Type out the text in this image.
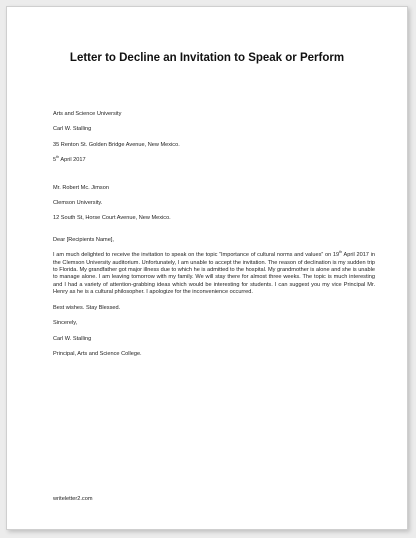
Letter to Decline an Invitation to Speak or Perform

Arts and Science University

Carl W. Stalling

35 Renton St. Golden Bridge Avenue, New Mexico.

5th April 2017

Mr. Robert Mc. Jimson

Clemson University.

12 South St, Horse Court Avenue, New Mexico.

Dear [Recipients Name],

I am much delighted to receive the invitation to speak on the topic “Importance of cultural norms and values” on 19th April 2017 in the Clemson University auditorium. Unfortunately, I am unable to accept the invitation. The reason of declination is my sudden trip to Florida. My grandfather got major illness due to which he is admitted to the hospital. My grandmother is alone and she is unable to manage alone. I am leaving tomorrow with my family. We will stay there for almost three weeks. The topic is much interesting and I had a variety of attention-grabbing ideas which would be interesting for students. I can suggest you my vice Principal Mr. Henry as he is a cultural philosopher. I apologize for the inconvenience occurred.

Best wishes. Stay Blessed.

Sincerely,

Carl W. Stalling

Principal, Arts and Science College.

writeletter2.com
